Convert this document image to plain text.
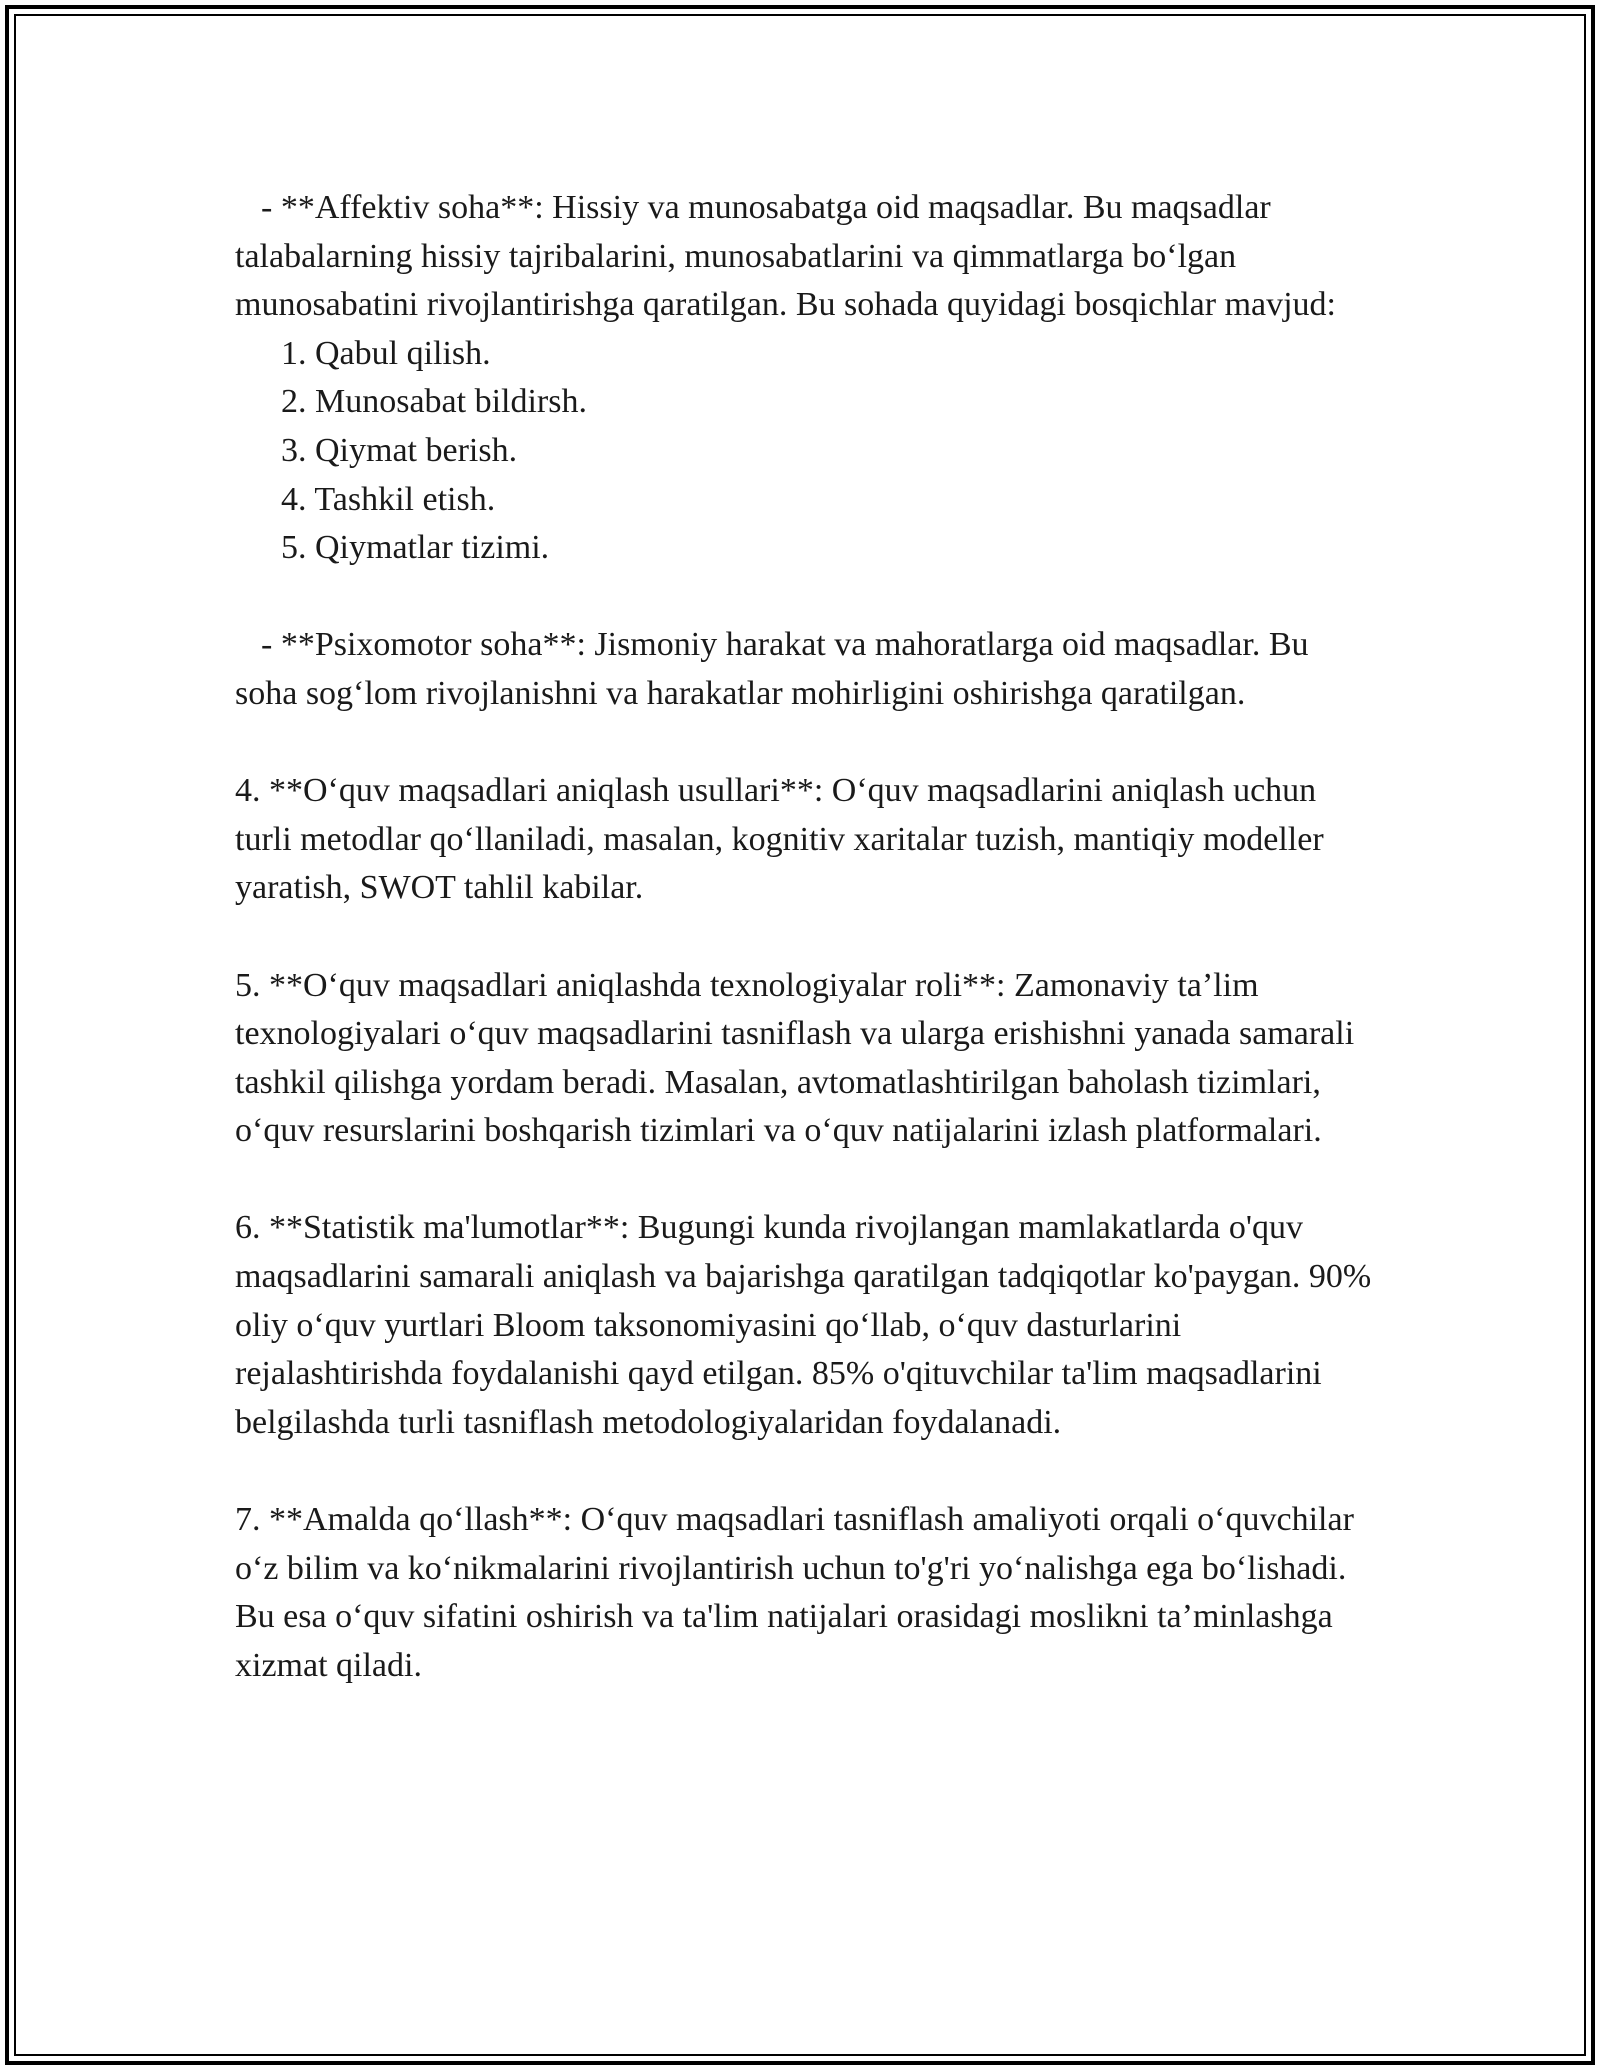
- **Affektiv soha**: Hissiy va munosabatga oid maqsadlar. Bu maqsadlar talabalarning hissiy tajribalarini, munosabatlarini va qimmatlarga bo‘lgan munosabatini rivojlantirishga qaratilgan. Bu sohada quyidagi bosqichlar mavjud:

1. Qabul qilish.
2. Munosabat bildirsh.
3. Qiymat berish.
4. Tashkil etish.
5. Qiymatlar tizimi.

- **Psixomotor soha**: Jismoniy harakat va mahoratlarga oid maqsadlar. Bu soha sog‘lom rivojlanishni va harakatlar mohirligini oshirishga qaratilgan.

4. **O‘quv maqsadlari aniqlash usullari**: O‘quv maqsadlarini aniqlash uchun turli metodlar qo‘llaniladi, masalan, kognitiv xaritalar tuzish, mantiqiy modeller yaratish, SWOT tahlil kabilar.

5. **O‘quv maqsadlari aniqlashda texnologiyalar roli**: Zamonaviy ta’lim texnologiyalari o‘quv maqsadlarini tasniflash va ularga erishishni yanada samarali tashkil qilishga yordam beradi. Masalan, avtomatlashtirilgan baholash tizimlari, o‘quv resurslarini boshqarish tizimlari va o‘quv natijalarini izlash platformalari.

6. **Statistik ma'lumotlar**: Bugungi kunda rivojlangan mamlakatlarda o'quv maqsadlarini samarali aniqlash va bajarishga qaratilgan tadqiqotlar ko'paygan. 90% oliy o‘quv yurtlari Bloom taksonomiyasini qo‘llab, o‘quv dasturlarini rejalashtirishda foydalanishi qayd etilgan. 85% o'qituvchilar ta'lim maqsadlarini belgilashda turli tasniflash metodologiyalaridan foydalanadi.

7. **Amalda qo‘llash**: O‘quv maqsadlari tasniflash amaliyoti orqali o‘quvchilar o‘z bilim va ko‘nikmalarini rivojlantirish uchun to'g'ri yo‘nalishga ega bo‘lishadi. Bu esa o‘quv sifatini oshirish va ta'lim natijalari orasidagi moslikni ta’minlashga xizmat qiladi.
